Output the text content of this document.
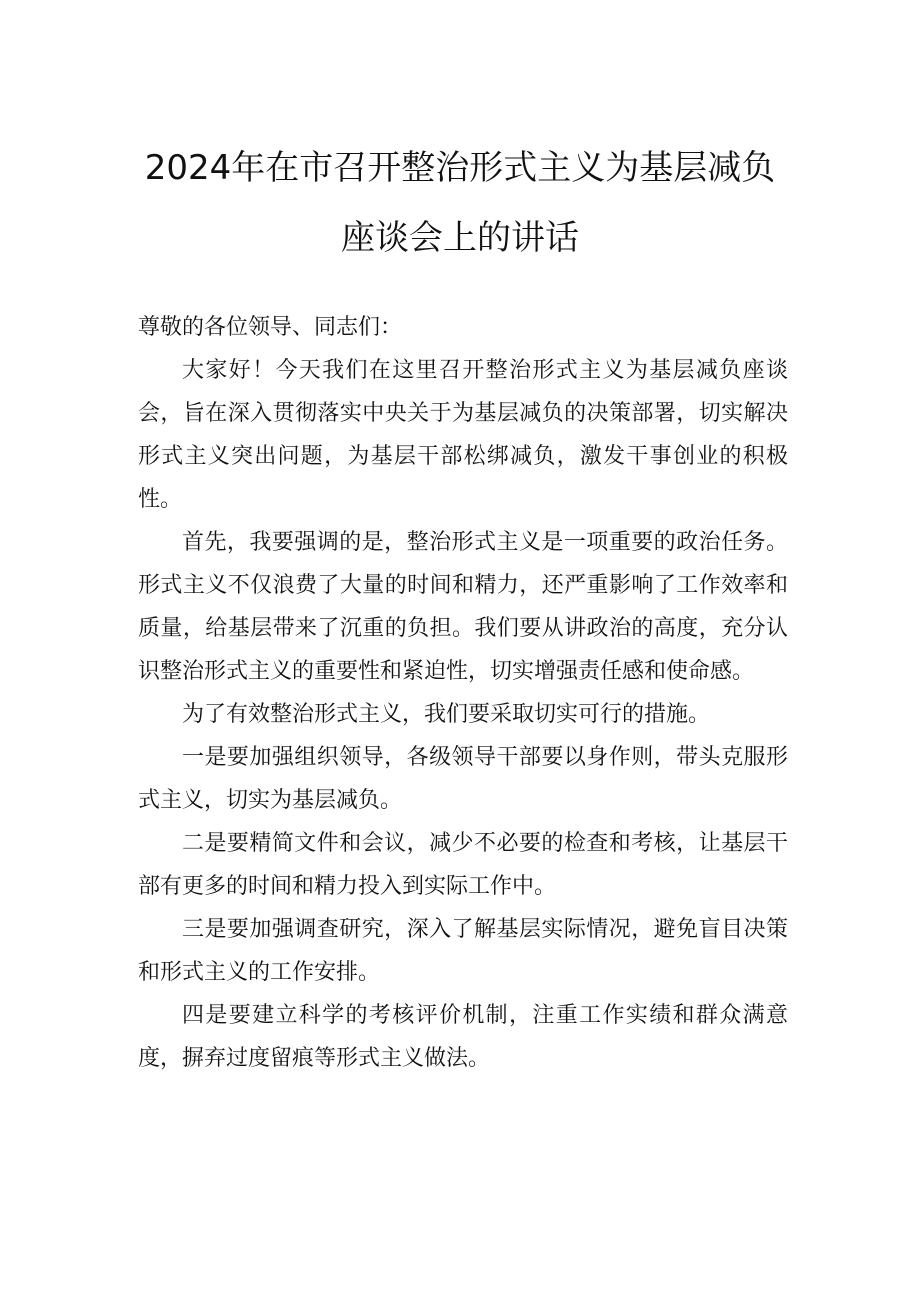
2024年在市召开整治形式主义为基层减负
座谈会上的讲话

尊敬的各位领导、同志们：

大家好！今天我们在这里召开整治形式主义为基层减负座谈会，旨在深入贯彻落实中央关于为基层减负的决策部署，切实解决形式主义突出问题，为基层干部松绑减负，激发干事创业的积极性。

首先，我要强调的是，整治形式主义是一项重要的政治任务。形式主义不仅浪费了大量的时间和精力，还严重影响了工作效率和质量，给基层带来了沉重的负担。我们要从讲政治的高度，充分认识整治形式主义的重要性和紧迫性，切实增强责任感和使命感。

为了有效整治形式主义，我们要采取切实可行的措施。

一是要加强组织领导，各级领导干部要以身作则，带头克服形式主义，切实为基层减负。

二是要精简文件和会议，减少不必要的检查和考核，让基层干部有更多的时间和精力投入到实际工作中。

三是要加强调查研究，深入了解基层实际情况，避免盲目决策和形式主义的工作安排。

四是要建立科学的考核评价机制，注重工作实绩和群众满意度，摒弃过度留痕等形式主义做法。
